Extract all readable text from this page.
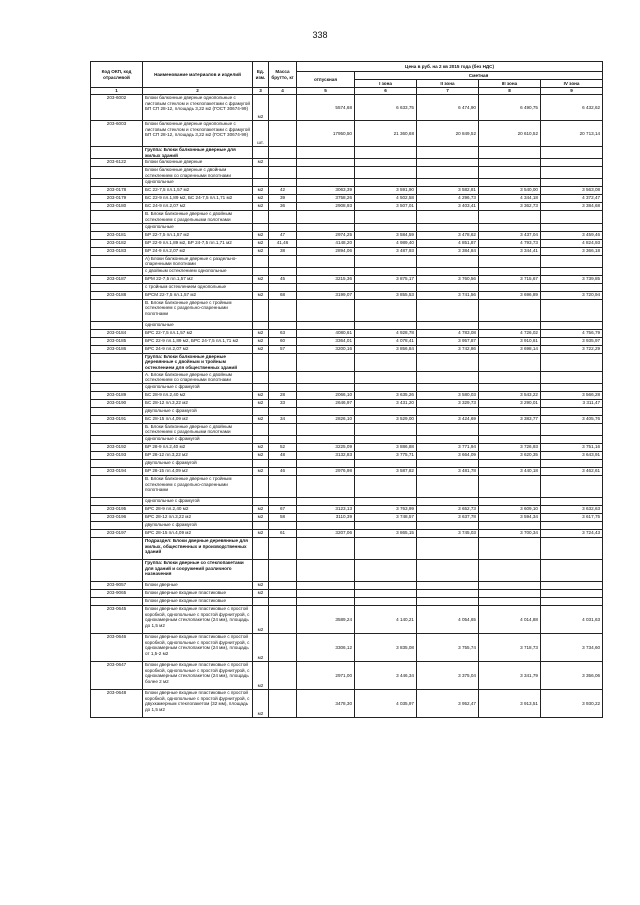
338
Код ОКП, код отраслевой	Наименование материалов и изделий	Ед. изм.	Масса брутто, кг	Цена в руб. на 2 кв 2015 года (без НДС)				
				отпускная	Сметная			
					I зона	II зона	III зона	IV зона
1	2	3	4	5	6	7	8	9
203-6002	Блоки балконные дверные однопольные с листовым стеклом и стеклопакетами с фрамугой БП СП 28-12, площадь 3,22 м2 (ГОСТ 30674-99)	м2		5574,68	6 633,75	6 474,90	6 490,75	6 432,62
203-6003	Блоки балконные дверные однопольные с листовым стеклом и стеклопакетами с фрамугой БП СП 28-12, площадь 3,22 м2 (ГОСТ 30674-99)	шт.		17950,50	21 360,68	20 849,52	20 610,52	20 713,14
	Группа: Блоки балконные дверные для жилых зданий							
203-6122	Блоки балконные дверные	м2						
	Блоки балконные дверные с двойным остеклением со спаренными полотнами							
	однопольные							
203-0178	БС 22-7,5 пл.1,57 м2	м2	42	3063,39	3 591,90	3 582,81	3 540,00	3 563,08
203-0179	БС 22-9 пл.1,89 м2, БС 24-7,5 пл.1,71 м2	м2	39	3758,26	4 502,58	4 296,73	4 344,18	4 372,47
203-0180	БС 24-9 пл.2,07 м2	м2	36	2908,93	3 507,01	3 403,41	3 362,73	3 384,68
	В. Блоки балконные дверные с двойным остеклением с раздельными полотнами							
	однопольные							
203-0181	БР 22-7,5 пл.1,57 м2	м2	47	2974,25	3 584,59	3 478,62	3 437,04	3 459,46
203-0182	БР 22-9 пл.1,89 м2, БР 24-7,5 пл.1,71 м2	м2	41,46	4148,20	4 989,40	4 851,87	4 793,73	4 824,93
203-0183	БР 24-9 пл.2,07 м2	м2	38	2894,06	3 487,93	3 384,84	3 344,41	3 366,18
	А) Блоки балконные дверные с раздельно-спаренными полотнами							
	с двойным остеклением однопольные							
203-0187	БРМ 22-7,5 пл.1,57 м2	м2	45	3215,36	3 875,17	3 760,56	3 715,67	3 739,85
	с тройным остеклением однопольные							
203-0188	БРСМ 22-7,5 пл.1,57 м2	м2	68	3199,07	3 855,53	3 741,56	3 696,89	3 720,94
	В. Блоки балконные дверные с тройным остеклением с раздельно-спаренными полотнами							
	однопольные							
203-0184	БРС 22-7,5 пл.1,57 м2	м2	63	4080,61	4 928,78	4 783,08	4 726,02	4 756,79
203-0185	БРС 22-9 пл.1,89 м2, БРС 24-7,5 пл.1,71 м2	м2	60	3364,01	4 078,41	3 957,87	3 910,61	3 935,97
203-0186	БРС 24-9 пл.2,07 м2	м2	57	3200,16	3 856,84	3 742,86	3 698,14	3 722,29
	Группа: Блоки балконные дверные деревянные с двойным и тройным остеклением для общественных зданий							
	А. Блоки балконные дверные с двойным остеклением со спаренными полотнами							
	однопольные с фрамугой							
203-0189	БС 28-9 пл.2,40 м2	м2	28	2066,10	3 635,26	3 580,03	3 543,22	3 566,28
203-0190	БС 28-12 пл.3,22 м2	м2	33	2646,97	3 431,20	3 329,73	3 290,01	3 311,47
	двупольные с фрамугой							
203-0191	БС 28-15 пл.4,09 м2	м2	34	2826,10	3 529,00	3 424,69	3 383,77	3 405,76
	Б. Блоки балконные дверные с двойным остеклением с раздельными полотнами							
	однопольные с фрамугой							
203-0192	БР 28-9 пл.2,40 м2	м2	52	3225,09	3 886,88	3 771,94	3 726,93	3 751,16
203-0193	БР 28-12 пл.3,22 м2	м2	48	3132,83	3 775,71	3 664,09	3 620,35	3 643,91
	двупольные с фрамугой							
203-0194	БР 28-15 пл.4,09 м2	м2	46	2976,98	3 587,82	3 481,78	3 440,18	3 462,61
	В. Блоки балконные дверные с тройным остеклением с раздельно-спаренными полотнами							
	однопольные с фрамугой							
203-0195	БРС 28-9 пл.2,40 м2	м2	67	3123,13	3 763,99	3 652,73	3 609,10	3 632,63
203-0196	БРС 28-12 пл.3,22 м2	м2	58	3110,39	3 748,57	3 637,78	3 594,34	3 617,75
	двупольные с фрамугой							
203-0197	БРС 28-15 пл.4,09 м2	м2	61	3207,06	3 865,15	3 745,03	3 700,34	3 724,43
	Подраздел: Блоки дверные деревянные для жилых, общественных и производственных зданий							
	Группа: Блоки дверные со стеклопакетами для зданий и сооружений различного назначения							
203-9057	Блоки дверные	м2						
203-9065	Блоки дверные входные пластиковые	м2						
	Блоки дверные входные пластиковые							
203-0645	Блоки дверные входные пластиковые с простой коробкой, однопольные с простой фурнитурой, с однокамерным стеклопакетом (24 мм), площадь до 1,5 м2	м2		3589,24	4 140,21	4 054,65	4 014,88	4 031,63
203-0646	Блоки дверные входные пластиковые с простой коробкой, однопольные с простой фурнитурой, с однокамерным стеклопакетом (24 мм), площадь от 1,5-2 м2	м2		3306,12	3 835,08	3 755,74	3 718,73	3 734,60
203-0647	Блоки дверные входные пластиковые с простой коробкой, однопольные с простой фурнитурой, с однокамерным стеклопакетом (24 мм), площадь более 2 м2	м2		2971,00	3 446,34	3 375,04	3 341,79	3 356,06
203-0648	Блоки дверные входные пластиковые с простой коробкой, однопольные с простой фурнитурой, с двухкамерным стеклопакетом (32 мм), площадь до 1,5 м2	м2		3478,30	4 035,97	3 952,47	3 913,51	3 930,22
